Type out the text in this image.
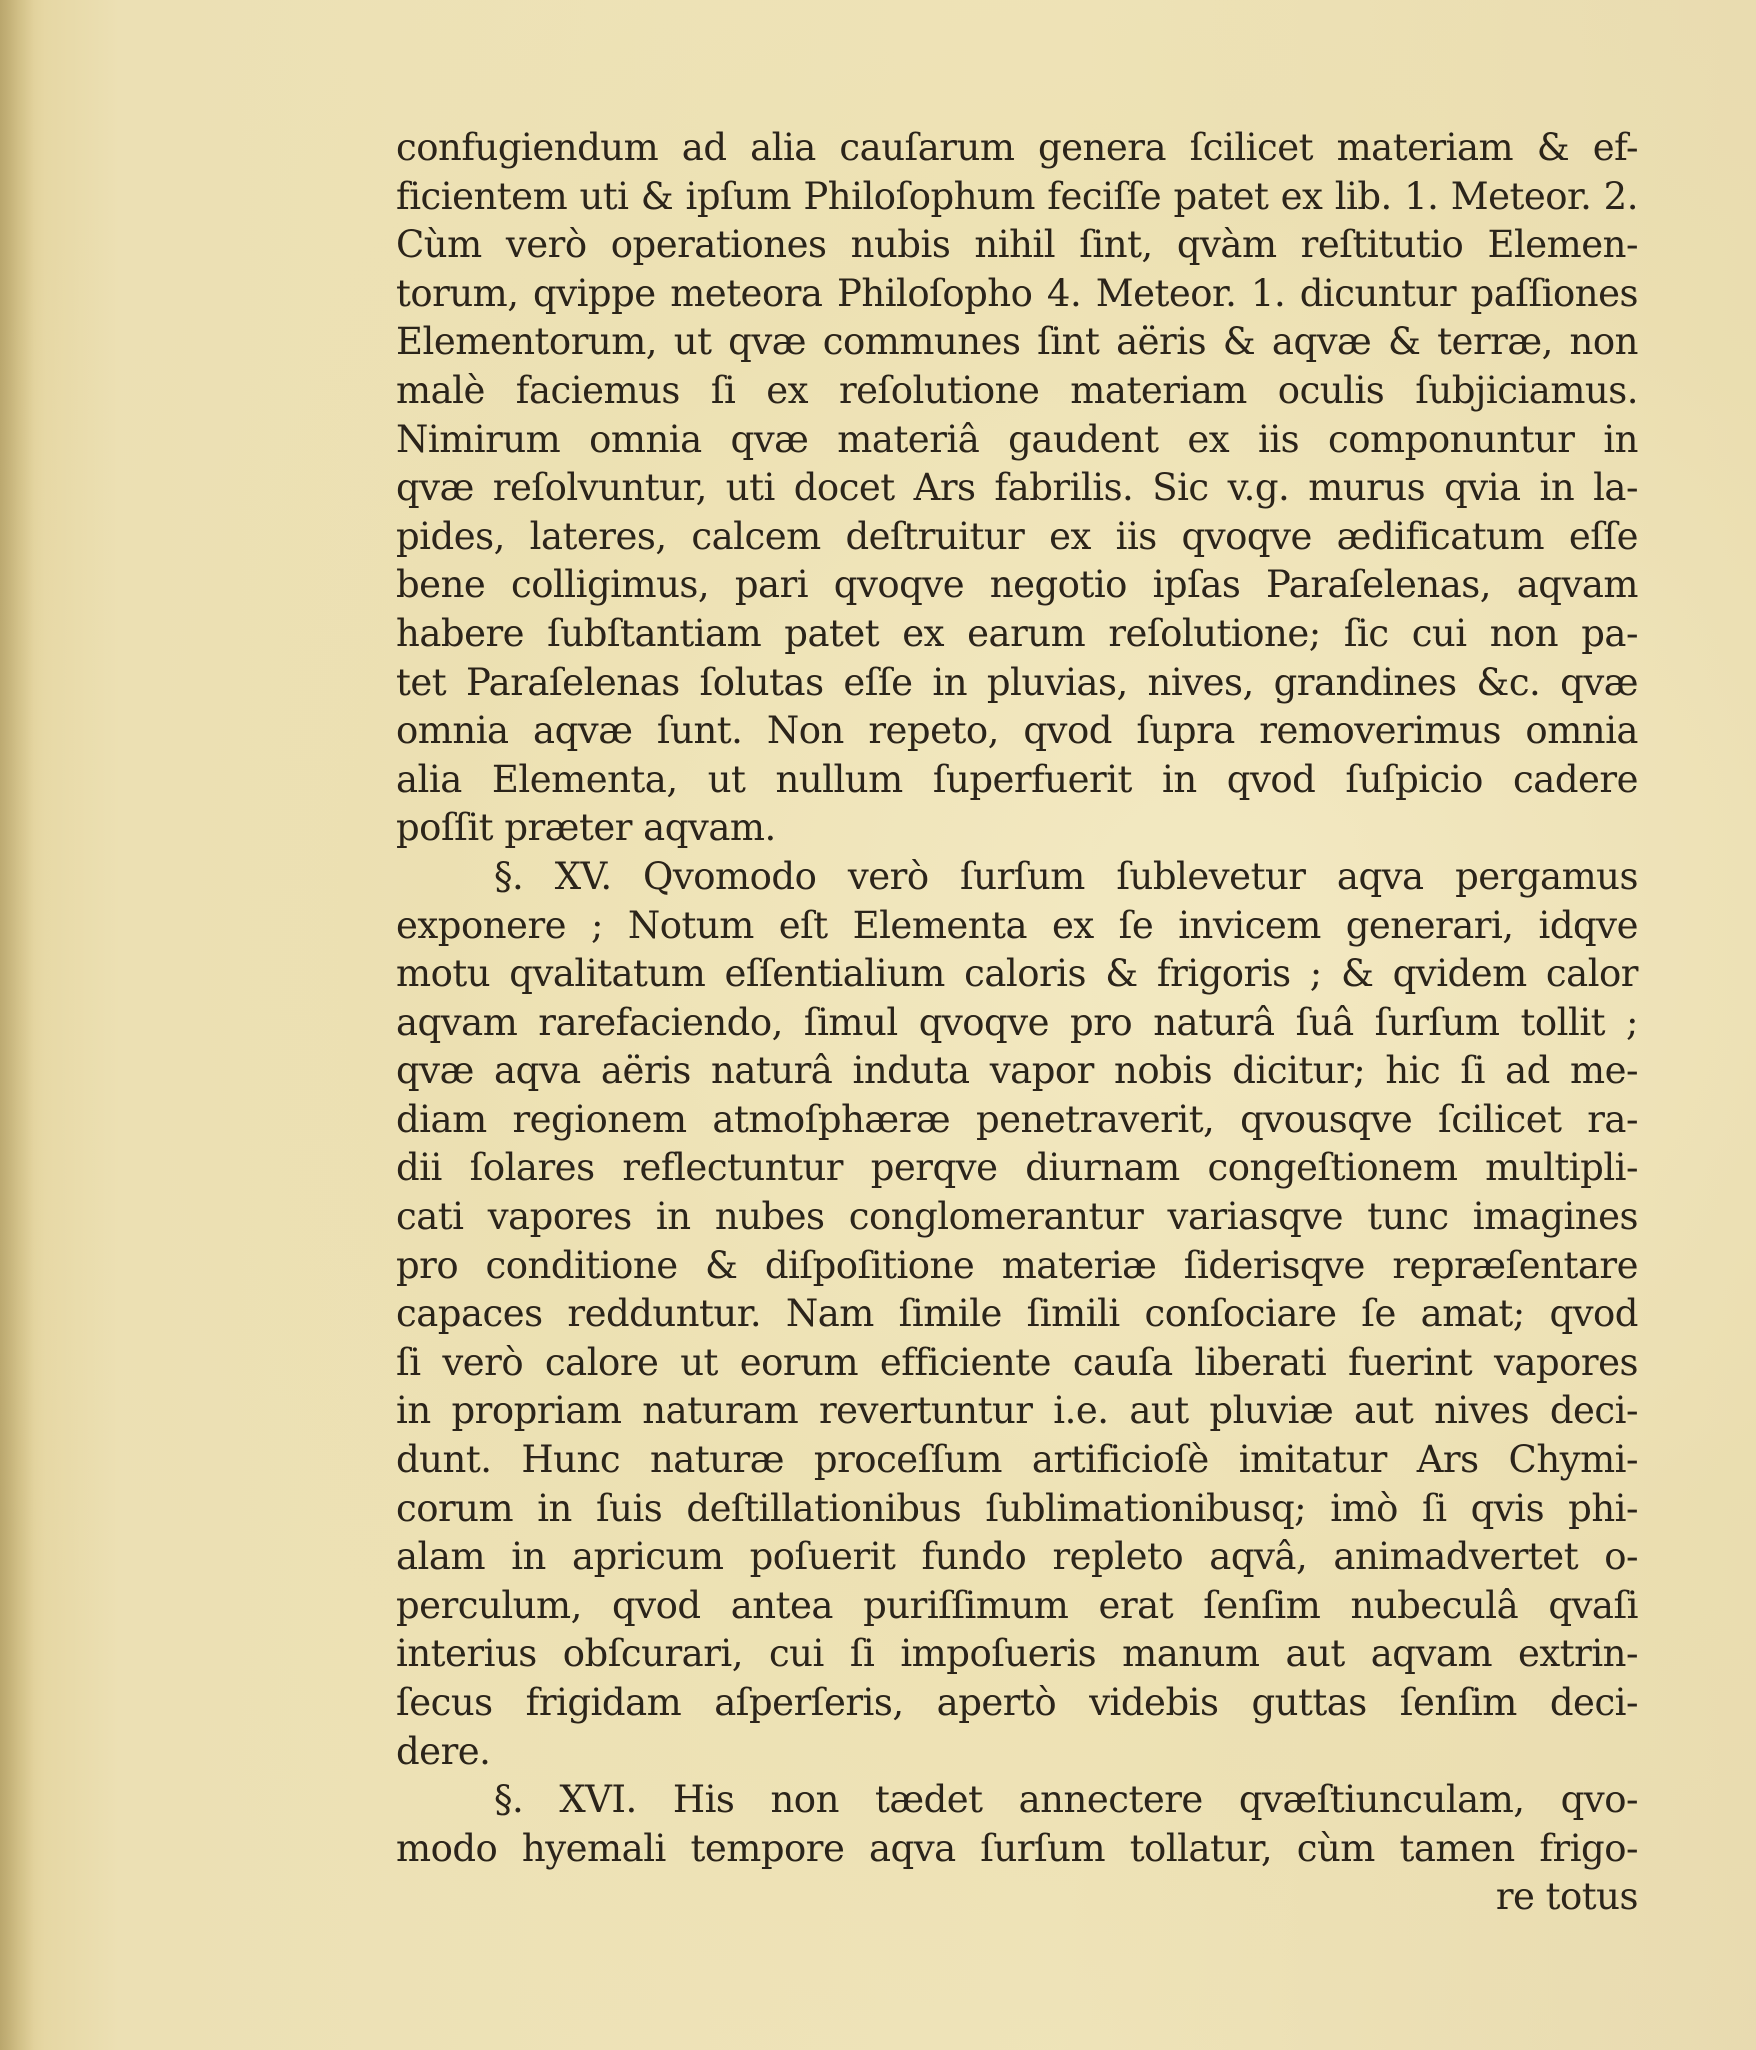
confugiendum ad alia cauſarum genera ſcilicet materiam & ef-
ficientem uti & ipſum Philoſophum feciſſe patet ex lib. 1. Meteor. 2.
Cùm verò operationes nubis nihil ſint, qvàm reſtitutio Elemen-
torum, qvippe meteora Philoſopho 4. Meteor. 1. dicuntur paſſiones
Elementorum, ut qvæ communes ſint aëris & aqvæ & terræ, non
malè faciemus ſi ex reſolutione materiam oculis ſubjiciamus.
Nimirum omnia qvæ materiâ gaudent ex iis componuntur in
qvæ reſolvuntur, uti docet Ars fabrilis. Sic v.g. murus qvia in la-
pides, lateres, calcem deſtruitur ex iis qvoqve ædificatum eſſe
bene colligimus, pari qvoqve negotio ipſas Paraſelenas, aqvam
habere ſubſtantiam patet ex earum reſolutione; ſic cui non pa-
tet Paraſelenas ſolutas eſſe in pluvias, nives, grandines &c. qvæ
omnia aqvæ ſunt. Non repeto, qvod ſupra removerimus omnia
alia Elementa, ut nullum ſuperfuerit in qvod ſuſpicio cadere
poſſit præter aqvam.
§. XV. Qvomodo verò ſurſum ſublevetur aqva pergamus
exponere ; Notum eſt Elementa ex ſe invicem generari, idqve
motu qvalitatum eſſentialium caloris & frigoris ; & qvidem calor
aqvam rarefaciendo, ſimul qvoqve pro naturâ ſuâ ſurſum tollit ;
qvæ aqva aëris naturâ induta vapor nobis dicitur; hic ſi ad me-
diam regionem atmoſphæræ penetraverit, qvousqve ſcilicet ra-
dii ſolares reflectuntur perqve diurnam congeſtionem multipli-
cati vapores in nubes conglomerantur variasqve tunc imagines
pro conditione & diſpoſitione materiæ ſiderisqve repræſentare
capaces redduntur. Nam ſimile ſimili conſociare ſe amat; qvod
ſi verò calore ut eorum efficiente cauſa liberati fuerint vapores
in propriam naturam revertuntur i.e. aut pluviæ aut nives deci-
dunt. Hunc naturæ proceſſum artificioſè imitatur Ars Chymi-
corum in ſuis deſtillationibus ſublimationibusq; imò ſi qvis phi-
alam in apricum poſuerit fundo repleto aqvâ, animadvertet o-
perculum, qvod antea puriſſimum erat ſenſim nubeculâ qvaſi
interius obſcurari, cui ſi impoſueris manum aut aqvam extrin-
ſecus frigidam aſperſeris, apertò videbis guttas ſenſim deci-
dere.
§. XVI. His non tædet annectere qvæſtiunculam, qvo-
modo hyemali tempore aqva ſurſum tollatur, cùm tamen frigo-
re totus
